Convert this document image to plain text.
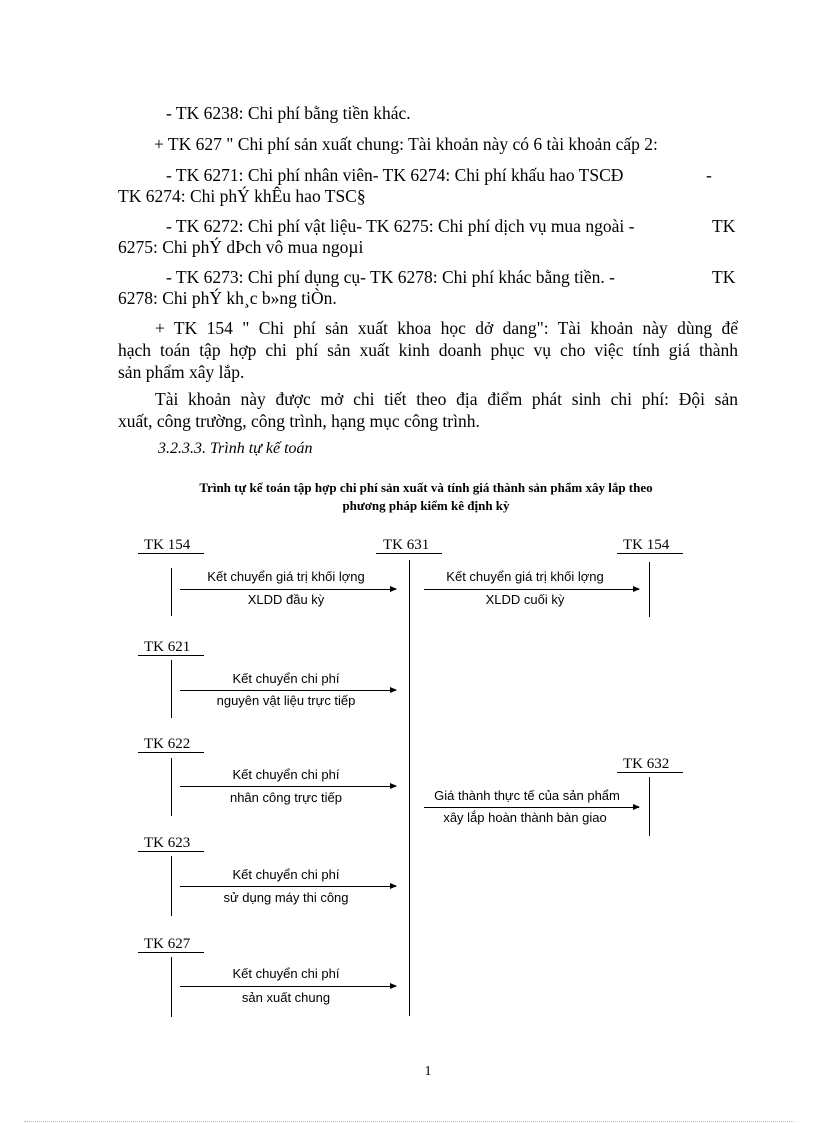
- TK 6238: Chi phí bằng tiền khác.
+ TK 627 " Chi phí sản xuất chung: Tài khoản này có 6 tài khoản cấp 2:
- TK 6271: Chi phí nhân viên- TK 6274: Chi phí khấu hao TSCĐ	-
TK 6274: Chi phÝ khÊu hao TSC§
- TK 6272: Chi phí vật liệu- TK 6275: Chi phí dịch vụ mua ngoài -	TK
6275: Chi phÝ dÞch vô mua ngoµi
- TK 6273: Chi phí dụng cụ- TK 6278: Chi phí khác bằng tiền. -	TK
6278: Chi phÝ kh¸c b»ng tiÒn.
+ TK 154 " Chi phí sản xuất khoa học dở dang": Tài khoản này dùng để
hạch toán tập hợp chi phí sản xuất kinh doanh phục vụ cho việc tính giá thành
sản phẩm xây lắp.
Tài khoản này được mở chi tiết theo địa điểm phát sinh chi phí: Đội sản
xuất, công trường, công trình, hạng mục công trình.
3.2.3.3. Trình tự kế toán
Trình tự kế toán tập hợp chi phí sản xuất và tính giá thành sản phẩm xây lắp theo
phương pháp kiểm kê định kỳ
TK 154	TK 631	TK 154
Kết chuyển giá trị khối lợng
XLDD đầu kỳ
Kết chuyển giá trị khối lợng
XLDD cuối kỳ
TK 621
Kết chuyển chi phí
nguyên vật liệu trực tiếp
TK 622
Kết chuyển chi phí
nhân công trực tiếp
TK 632
Giá thành thực tế của sản phẩm
xây lắp hoàn thành bàn giao
TK 623
Kết chuyển chi phí
sử dụng máy thi công
TK 627
Kết chuyển chi phí
sản xuất chung
1
